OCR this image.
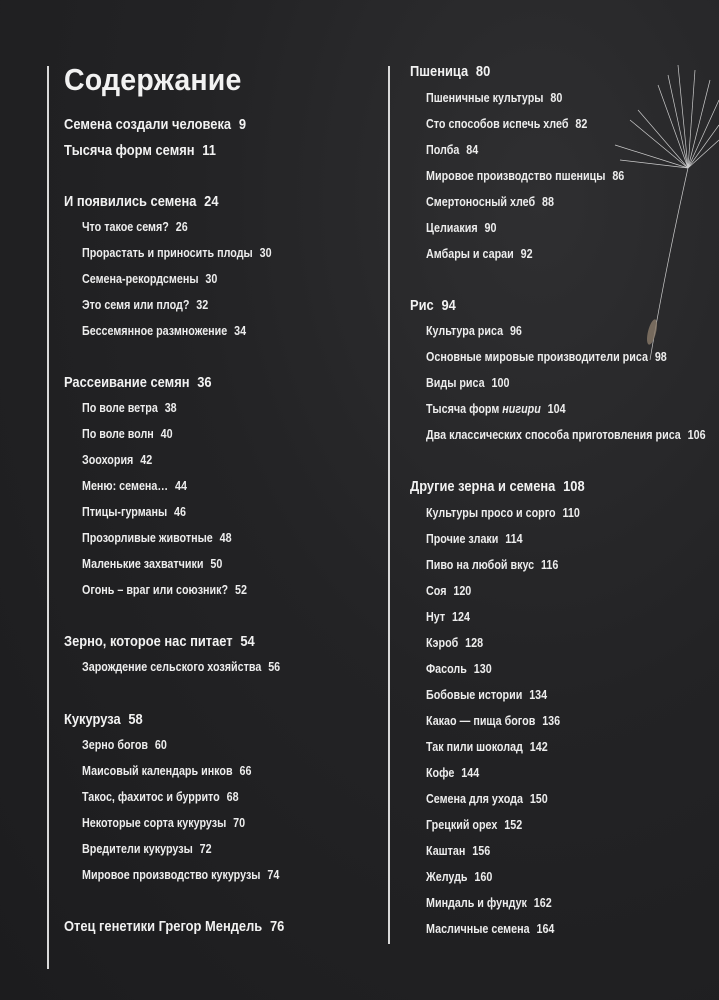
Содержание
Семена создали человека 9
Тысяча форм семян 11
И появились семена 24
Что такое семя? 26
Прорастать и приносить плоды 30
Семена-рекордсмены 30
Это семя или плод? 32
Бессемянное размножение 34
Рассеивание семян 36
По воле ветра 38
По воле волн 40
Зоохория 42
Меню: семена… 44
Птицы-гурманы 46
Прозорливые животные 48
Маленькие захватчики 50
Огонь – враг или союзник? 52
Зерно, которое нас питает 54
Зарождение сельского хозяйства 56
Кукуруза 58
Зерно богов 60
Маисовый календарь инков 66
Такос, фахитос и буррито 68
Некоторые сорта кукурузы 70
Вредители кукурузы 72
Мировое производство кукурузы 74
Отец генетики Грегор Мендель 76
Пшеница 80
Пшеничные культуры 80
Сто способов испечь хлеб 82
Полба 84
Мировое производство пшеницы 86
Смертоносный хлеб 88
Целиакия 90
Амбары и сараи 92
Рис 94
Культура риса 96
Основные мировые производители риса 98
Виды риса 100
Тысяча форм нигири 104
Два классических способа приготовления риса 106
Другие зерна и семена 108
Культуры просо и сорго 110
Прочие злаки 114
Пиво на любой вкус 116
Соя 120
Нут 124
Кэроб 128
Фасоль 130
Бобовые истории 134
Какао — пища богов 136
Так пили шоколад 142
Кофе 144
Семена для ухода 150
Грецкий орех 152
Каштан 156
Желудь 160
Миндаль и фундук 162
Масличные семена 164
